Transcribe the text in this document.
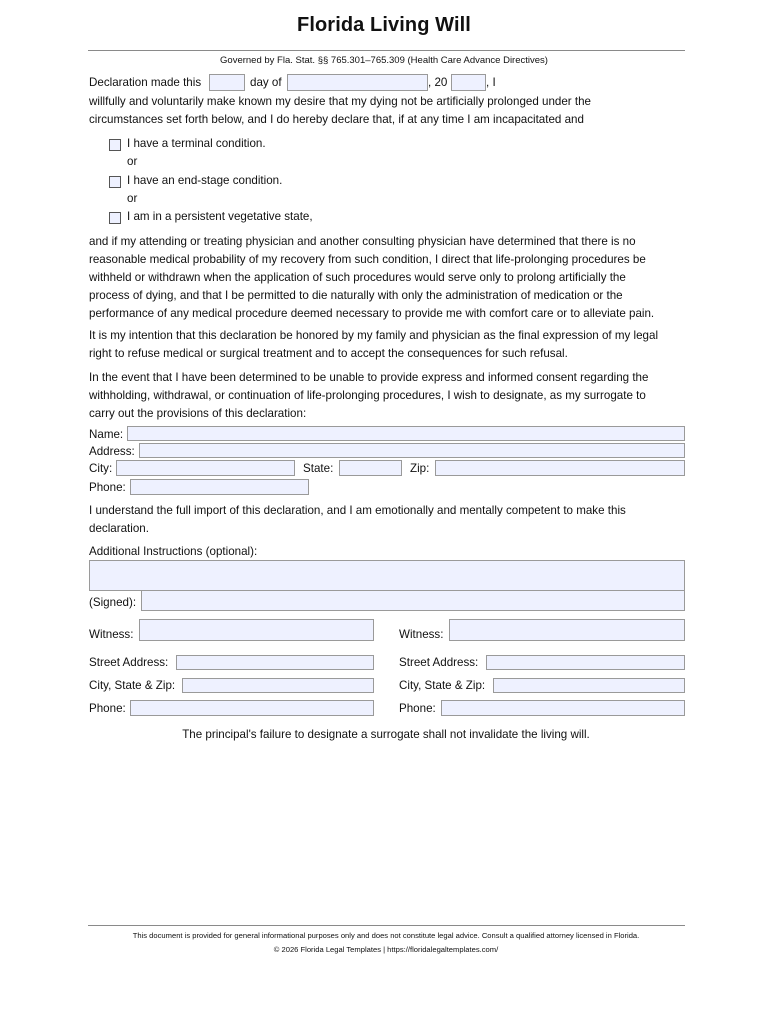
Florida Living Will
Governed by Fla. Stat. §§ 765.301–765.309 (Health Care Advance Directives)
Declaration made this	day of	, 20	, I
willfully and voluntarily make known my desire that my dying not be artificially prolonged under the
circumstances set forth below, and I do hereby declare that, if at any time I am incapacitated and
I have a terminal condition.
or
I have an end-stage condition.
or
I am in a persistent vegetative state,
and if my attending or treating physician and another consulting physician have determined that there is no
reasonable medical probability of my recovery from such condition, I direct that life-prolonging procedures be
withheld or withdrawn when the application of such procedures would serve only to prolong artificially the
process of dying, and that I be permitted to die naturally with only the administration of medication or the
performance of any medical procedure deemed necessary to provide me with comfort care or to alleviate pain.
It is my intention that this declaration be honored by my family and physician as the final expression of my legal
right to refuse medical or surgical treatment and to accept the consequences for such refusal.
In the event that I have been determined to be unable to provide express and informed consent regarding the
withholding, withdrawal, or continuation of life-prolonging procedures, I wish to designate, as my surrogate to
carry out the provisions of this declaration:
Name:
Address:
City:	State:	Zip:
Phone:
I understand the full import of this declaration, and I am emotionally and mentally competent to make this
declaration.
Additional Instructions (optional):
(Signed):
Witness:
Street Address:
City, State & Zip:
Phone:
Witness:
Street Address:
City, State & Zip:
Phone:
The principal's failure to designate a surrogate shall not invalidate the living will.
This document is provided for general informational purposes only and does not constitute legal advice. Consult a qualified attorney licensed in Florida.
© 2026 Florida Legal Templates | https://floridalegaltemplates.com/
